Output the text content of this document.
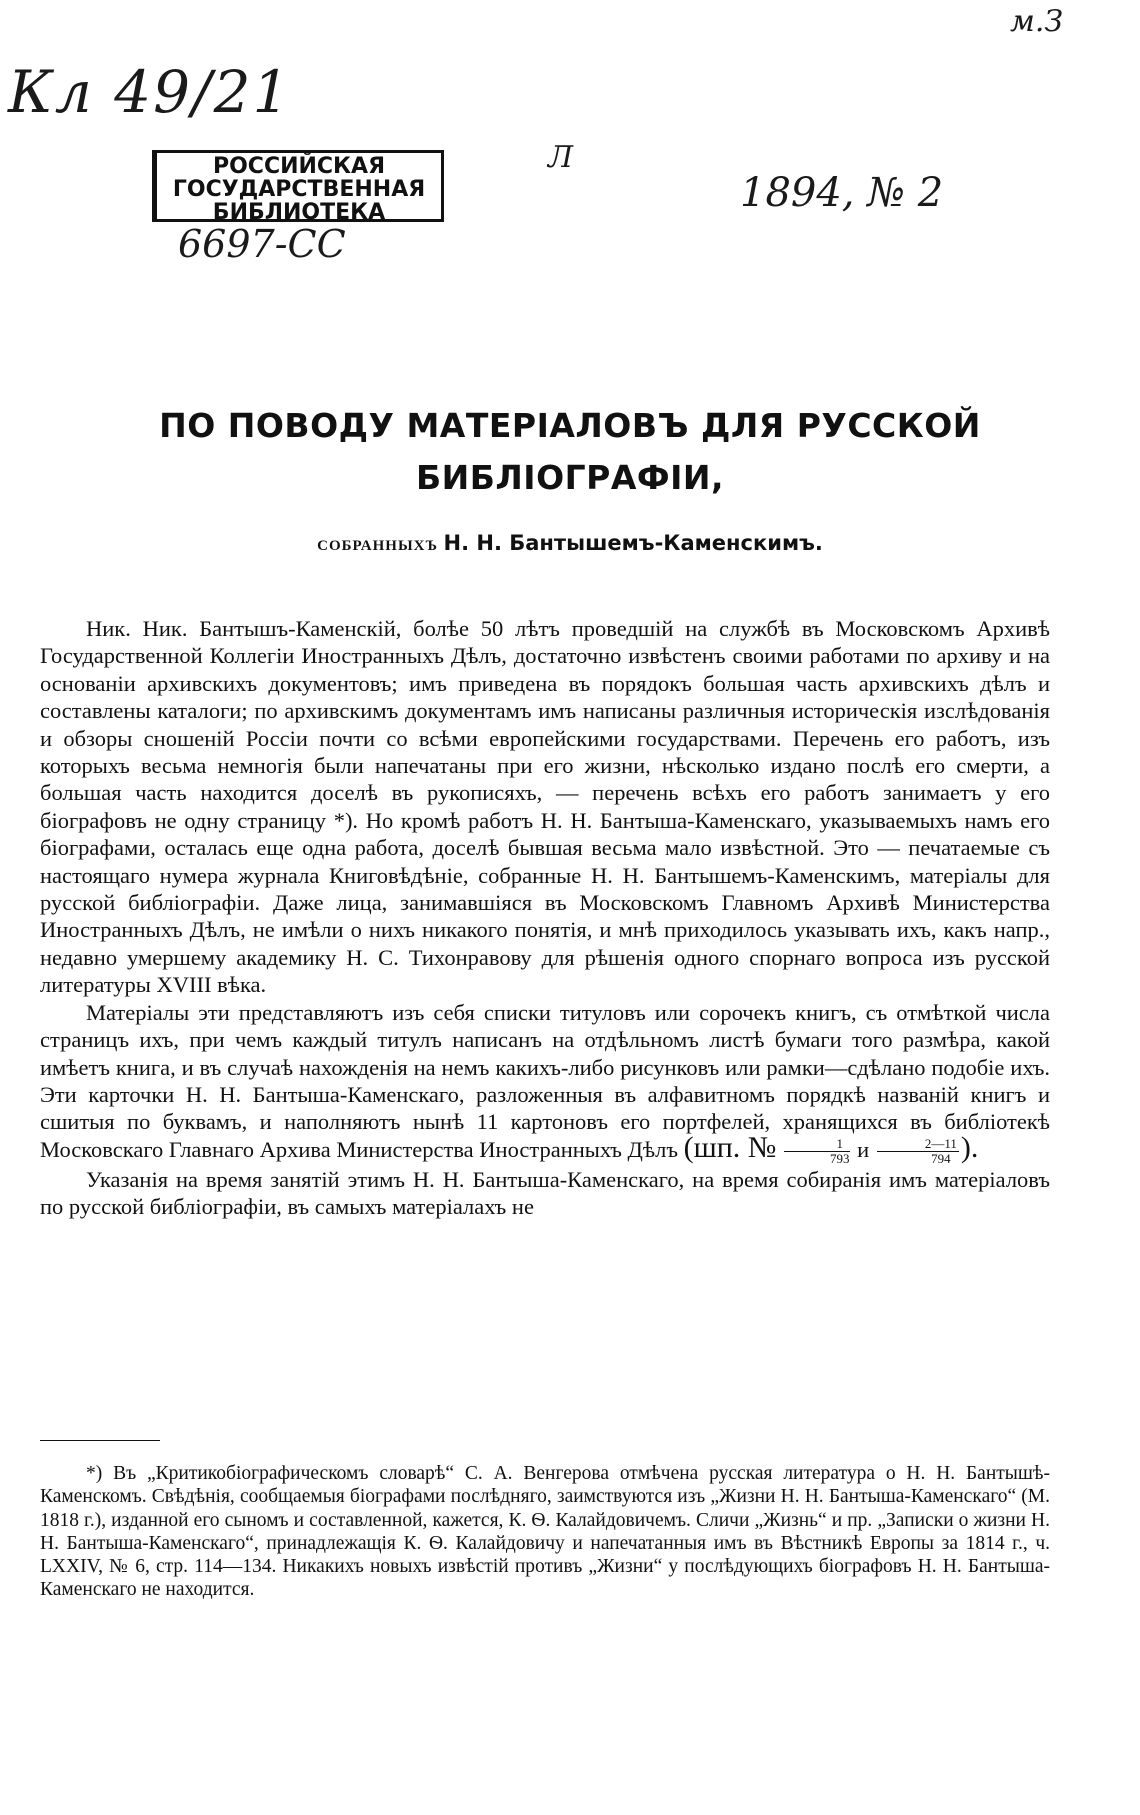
Кл 49/21
м.З
РОССИЙСКАЯ
ГОСУДАРСТВЕННАЯ
БИБЛИОТЕКА
6697-СС
Л
1894, № 2
ПО ПОВОДУ МАТЕРІАЛОВЪ ДЛЯ РУССКОЙ БИБЛІОГРАФІИ,
собранныхъ Н. Н. Бантышемъ-Каменскимъ.

Ник. Ник. Бантышъ-Каменскій, болѣе 50 лѣтъ проведшій на службѣ въ Московскомъ Архивѣ Государственной Коллегіи Иностранныхъ Дѣлъ, достаточно извѣстенъ своими работами по архиву и на основаніи архивскихъ документовъ; имъ приведена въ порядокъ большая часть архивскихъ дѣлъ и составлены каталоги; по архивскимъ документамъ имъ написаны различныя историческія изслѣдованія и обзоры сношеній Россіи почти со всѣми европейскими государствами. Перечень его работъ, изъ которыхъ весьма немногія были напечатаны при его жизни, нѣсколько издано послѣ его смерти, а большая часть находится доселѣ въ рукописяхъ, — перечень всѣхъ его работъ занимаетъ у его біографовъ не одну страницу *). Но кромѣ работъ Н. Н. Бантыша-Каменскаго, указываемыхъ намъ его біографами, осталась еще одна работа, доселѣ бывшая весьма мало извѣстной. Это — печатаемые съ настоящаго нумера журнала Книговѣдѣніе, собранные Н. Н. Бантышемъ-Каменскимъ, матеріалы для русской библіографіи. Даже лица, занимавшіяся въ Московскомъ Главномъ Архивѣ Министерства Иностранныхъ Дѣлъ, не имѣли о нихъ никакого понятія, и мнѣ приходилось указывать ихъ, какъ напр., недавно умершему академику Н. С. Тихонравову для рѣшенія одного спорнаго вопроса изъ русской литературы XVIII вѣка.

Матеріалы эти представляютъ изъ себя списки титуловъ или сорочекъ книгъ, съ отмѣткой числа страницъ ихъ, при чемъ каждый титулъ написанъ на отдѣльномъ листѣ бумаги того размѣра, какой имѣетъ книга, и въ случаѣ нахожденія на немъ какихъ-либо рисунковъ или рамки—сдѣлано подобіе ихъ. Эти карточки Н. Н. Бантыша-Каменскаго, разложенныя въ алфавитномъ порядкѣ названій книгъ и сшитыя по буквамъ, и наполняютъ нынѣ 11 картоновъ его портфелей, хранящихся въ библіотекѣ Московскаго Главнаго Архива Министерства Иностранныхъ Дѣлъ (шп. № $\frac{1}{793}$ и $\frac{2—11}{794}$ ).

Указанія на время занятій этимъ Н. Н. Бантыша-Каменскаго, на время собиранія имъ матеріаловъ по русской библіографіи, въ самыхъ матеріалахъ не

*) Въ „Критикобіографическомъ словарѣ“ С. А. Венгерова отмѣчена русская литература о Н. Н. Бантышѣ-Каменскомъ. Свѣдѣнія, сообщаемыя біографами послѣдняго, заимствуются изъ „Жизни Н. Н. Бантыша-Каменскаго“ (М. 1818 г.), изданной его сыномъ и составленной, кажется, К. Ѳ. Калайдовичемъ. Сличи „Жизнь“ и пр. „Записки о жизни Н. Н. Бантыша-Каменскаго“, принадлежащія К. Ѳ. Калайдовичу и напечатанныя имъ въ Вѣстникѣ Европы за 1814 г., ч. LXXIV, № 6, стр. 114—134. Никакихъ новыхъ извѣстій противъ „Жизни“ у послѣдующихъ біографовъ Н. Н. Бантыша-Каменскаго не находится.
